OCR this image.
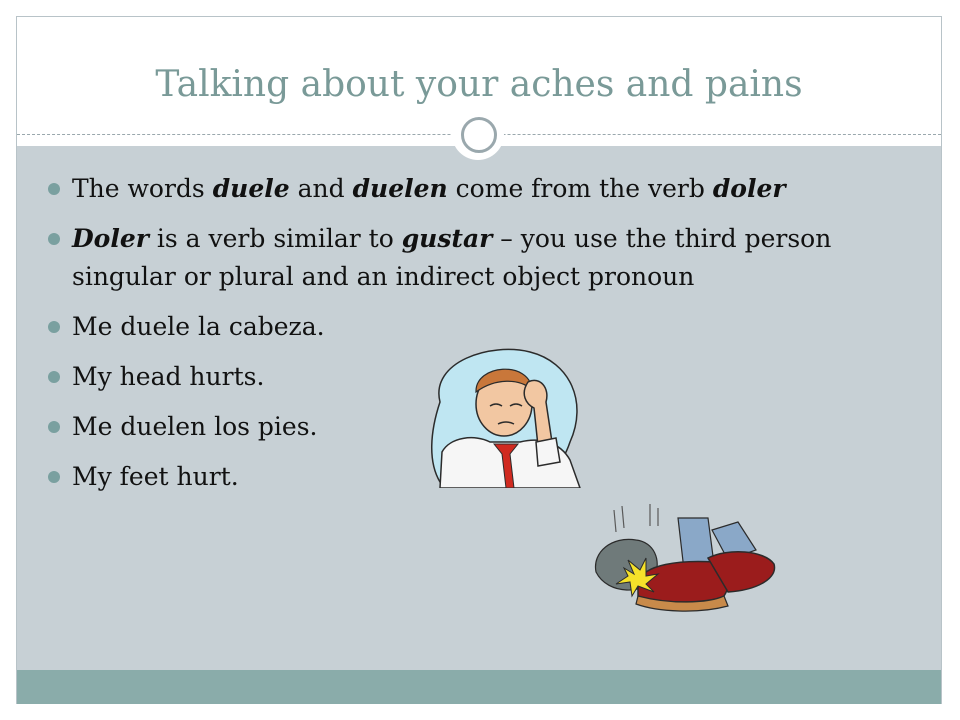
Talking about your aches and pains
The words duele and duelen come from the verb doler
Doler is a verb similar to gustar – you use the third person singular or plural and an indirect object pronoun
Me duele la cabeza.
My head hurts.
Me duelen los pies.
My feet hurt.
